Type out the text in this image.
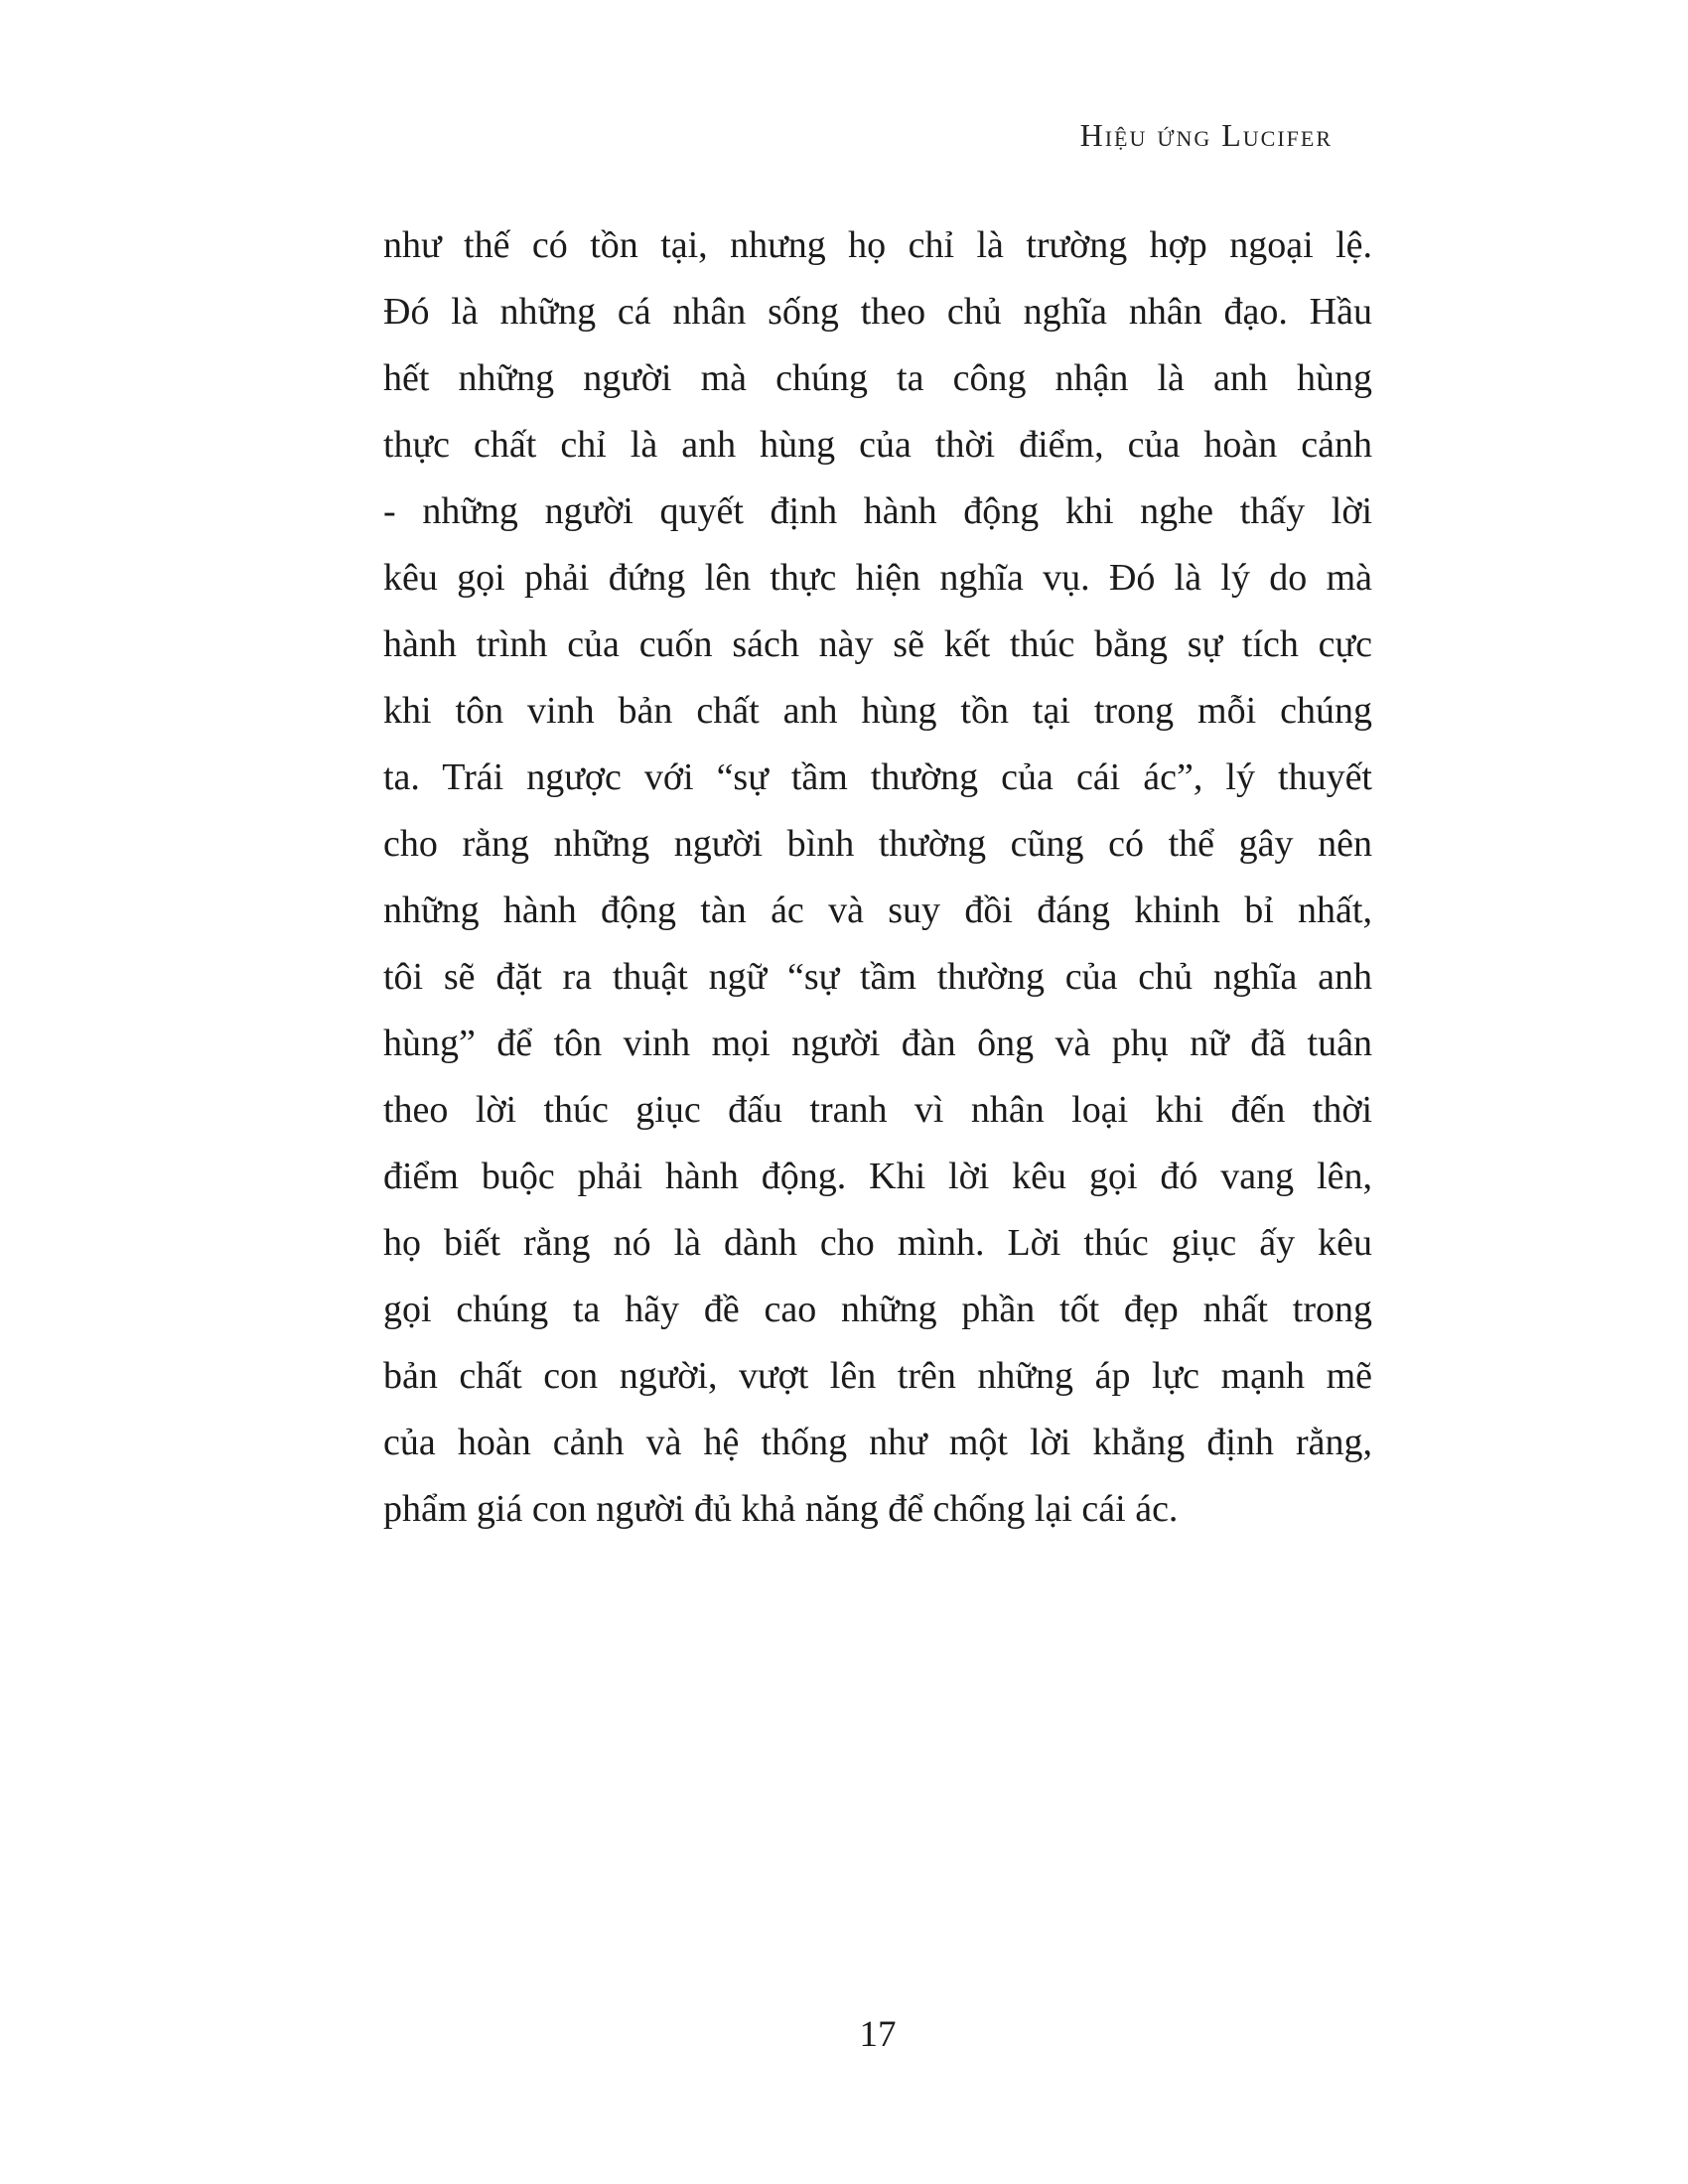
Hiệu ứng Lucifer
như thế có tồn tại, nhưng họ chỉ là trường hợp ngoại lệ.
Đó là những cá nhân sống theo chủ nghĩa nhân đạo. Hầu
hết những người mà chúng ta công nhận là anh hùng
thực chất chỉ là anh hùng của thời điểm, của hoàn cảnh
- những người quyết định hành động khi nghe thấy lời
kêu gọi phải đứng lên thực hiện nghĩa vụ. Đó là lý do mà
hành trình của cuốn sách này sẽ kết thúc bằng sự tích cực
khi tôn vinh bản chất anh hùng tồn tại trong mỗi chúng
ta. Trái ngược với “sự tầm thường của cái ác”, lý thuyết
cho rằng những người bình thường cũng có thể gây nên
những hành động tàn ác và suy đồi đáng khinh bỉ nhất,
tôi sẽ đặt ra thuật ngữ “sự tầm thường của chủ nghĩa anh
hùng” để tôn vinh mọi người đàn ông và phụ nữ đã tuân
theo lời thúc giục đấu tranh vì nhân loại khi đến thời
điểm buộc phải hành động. Khi lời kêu gọi đó vang lên,
họ biết rằng nó là dành cho mình. Lời thúc giục ấy kêu
gọi chúng ta hãy đề cao những phần tốt đẹp nhất trong
bản chất con người, vượt lên trên những áp lực mạnh mẽ
của hoàn cảnh và hệ thống như một lời khẳng định rằng,
phẩm giá con người đủ khả năng để chống lại cái ác.
17
